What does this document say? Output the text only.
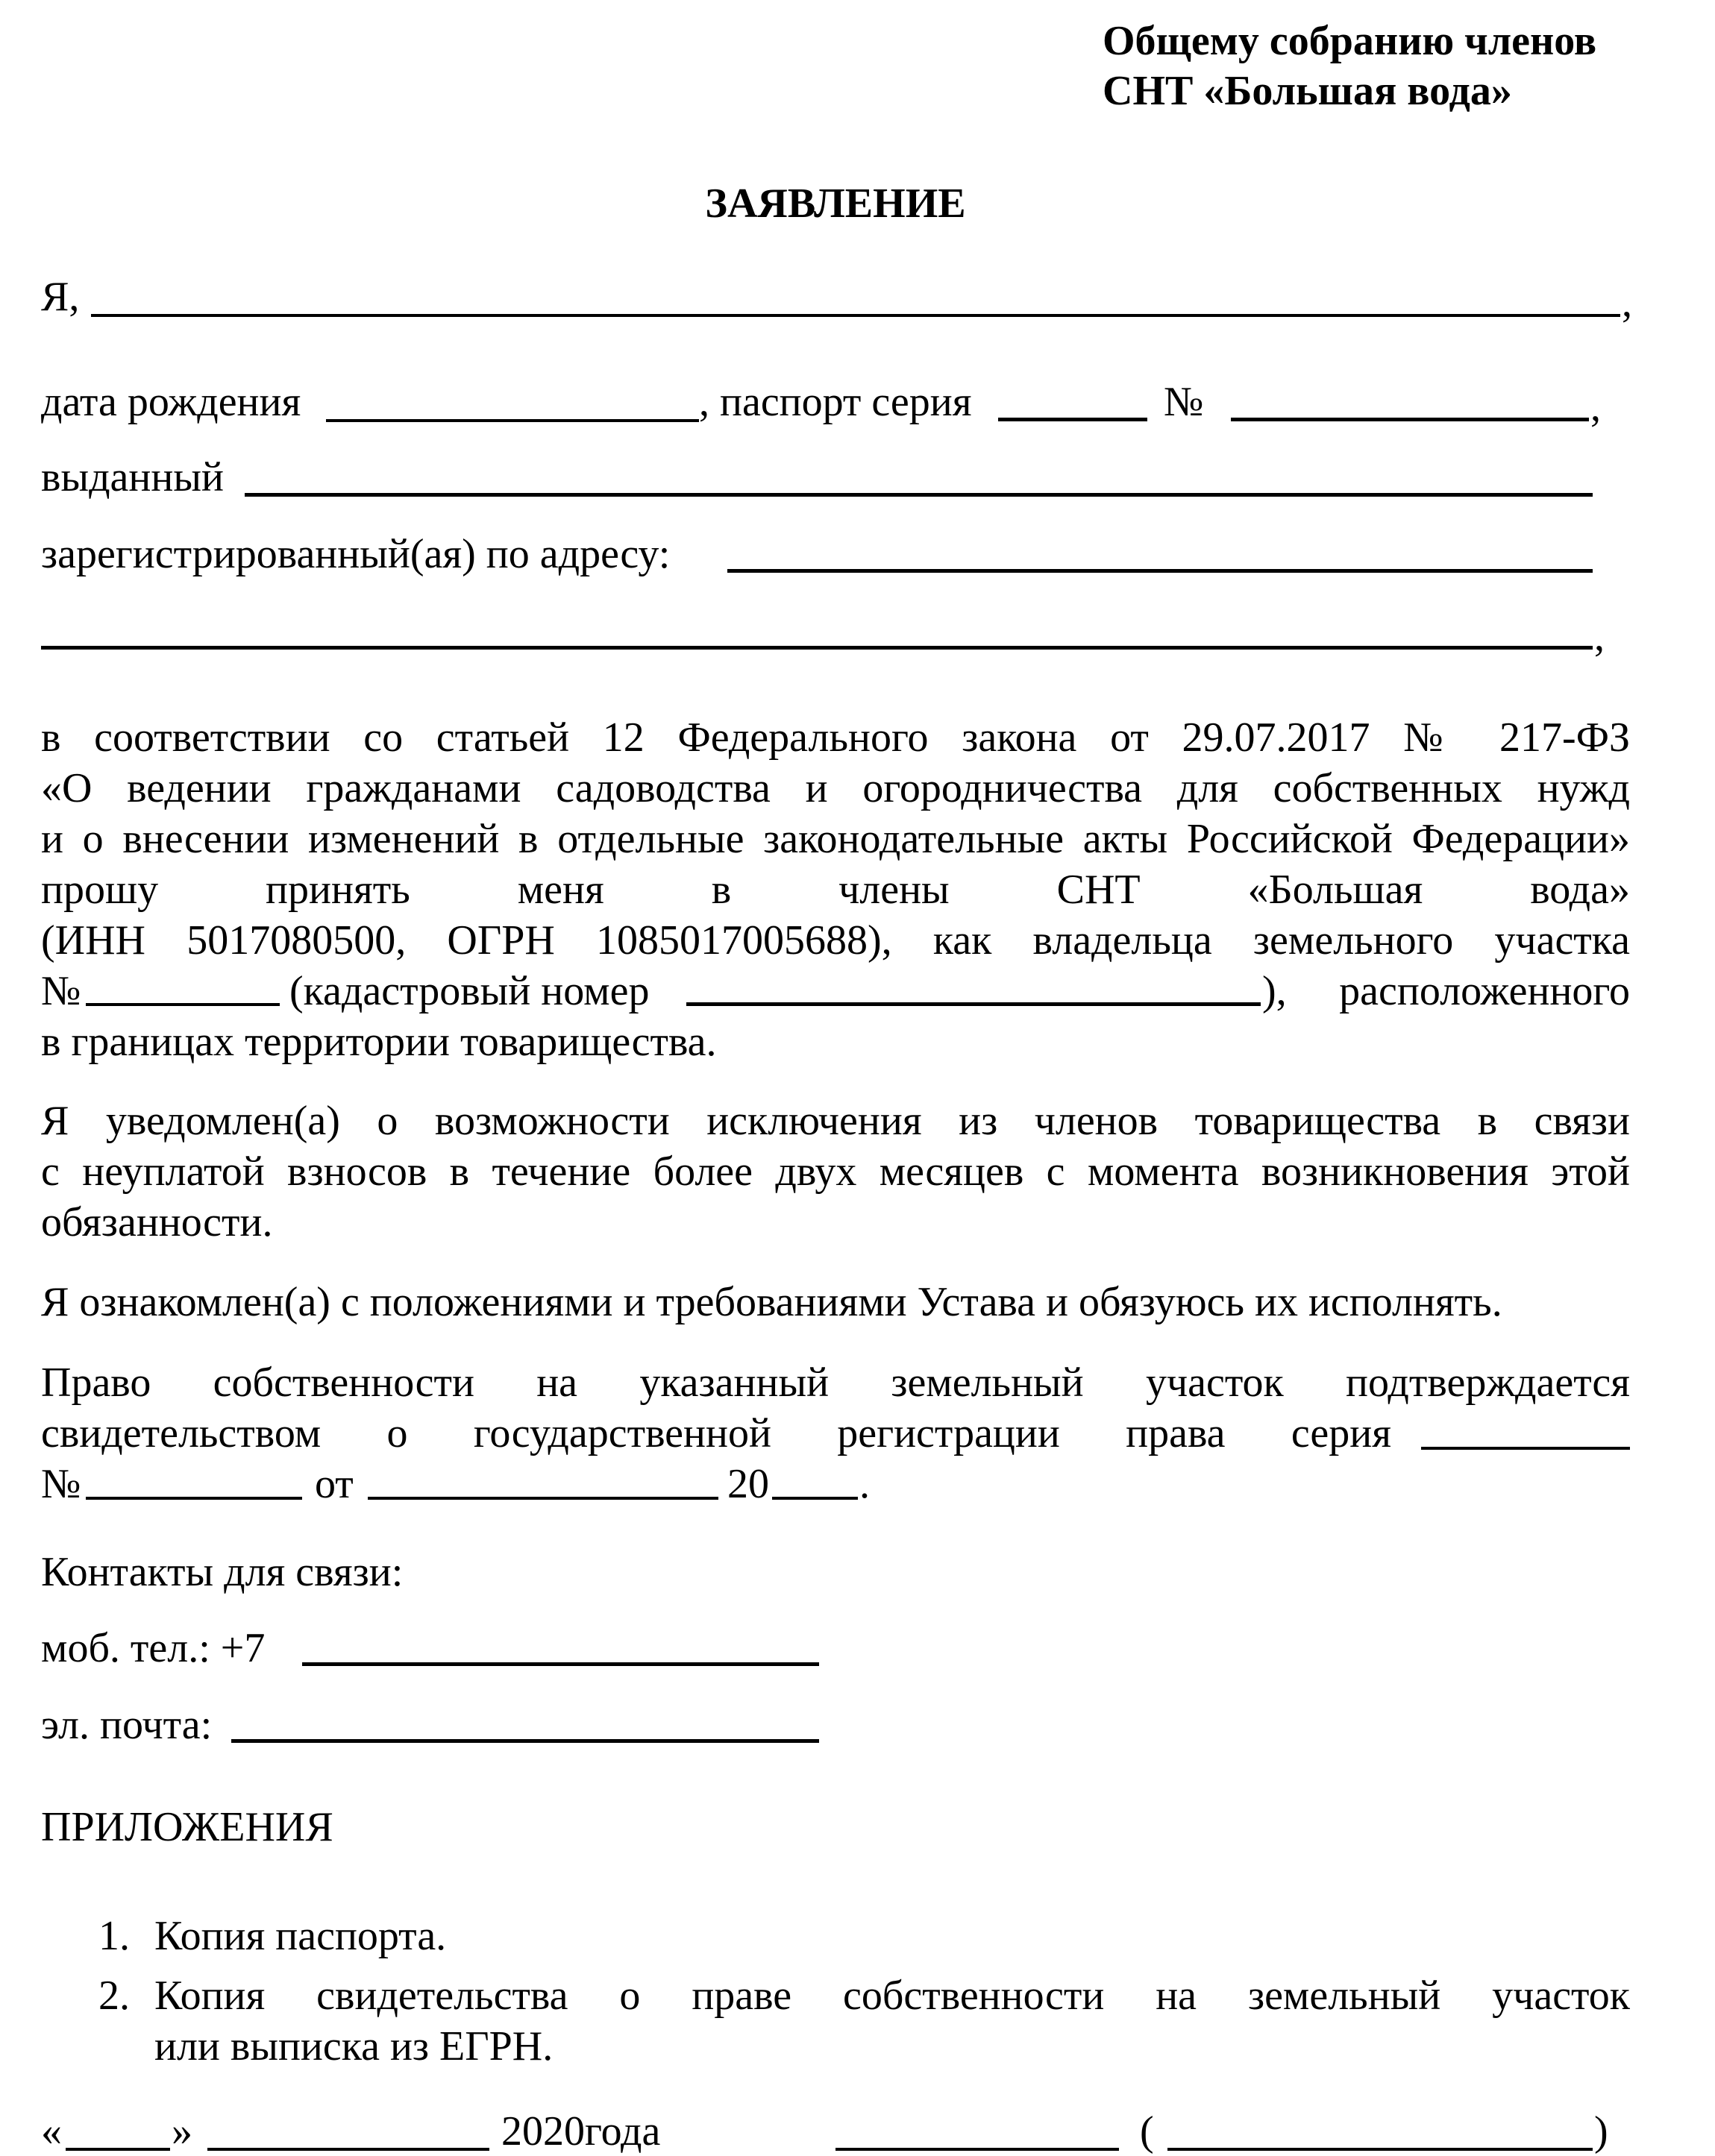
Общему собранию членов
СНТ «Большая вода»
ЗАЯВЛЕНИЕ
Я,	,
дата рождения	, паспорт серия	№	,
выданный
зарегистрированный(ая) по адресу:
,
в соответствии со статьей 12 Федерального закона от 29.07.2017 № 217-ФЗ
«О ведении гражданами садоводства и огородничества для собственных нужд
и о внесении изменений в отдельные законодательные акты Российской Федерации»
прошу принять меня в члены СНТ «Большая вода»
(ИНН 5017080500, ОГРН 1085017005688), как владельца земельного участка
№	(кадастровый номер	), расположенного
в границах территории товарищества.
Я уведомлен(а) о возможности исключения из членов товарищества в связи
с неуплатой взносов в течение более двух месяцев с момента возникновения этой
обязанности.
Я ознакомлен(а) с положениями и требованиями Устава и обязуюсь их исполнять.
Право собственности на указанный земельный участок подтверждается
свидетельством о государственной регистрации права серия
№	от	20 .
Контакты для связи:
моб. тел.: +7
эл. почта:
ПРИЛОЖЕНИЯ
1. Копия паспорта.
2. Копия свидетельства о праве собственности на земельный участок
или выписка из ЕГРН.
«	»	2020года	(	)
